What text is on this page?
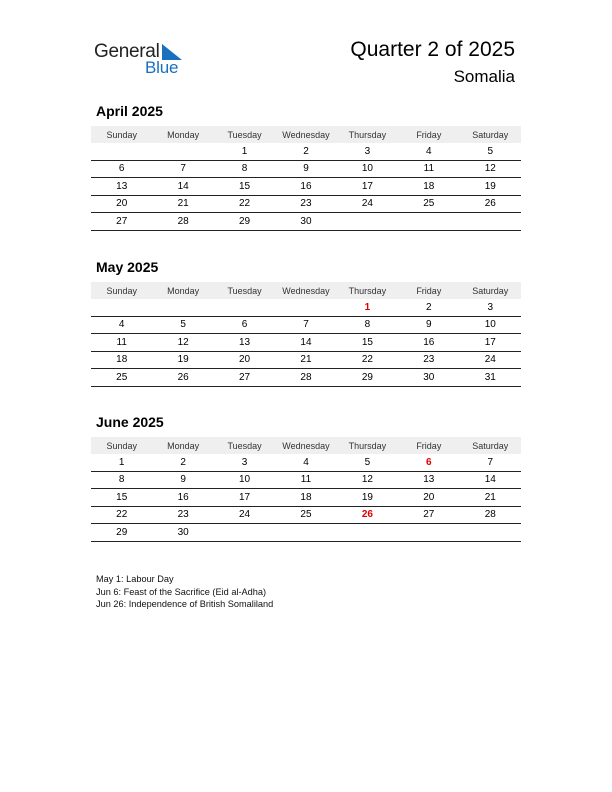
General
Blue
Quarter 2 of 2025
Somalia
April 2025
Sunday	Monday	Tuesday	Wednesday	Thursday	Friday	Saturday
		1	2	3	4	5
6	7	8	9	10	11	12
13	14	15	16	17	18	19
20	21	22	23	24	25	26
27	28	29	30			
May 2025
Sunday	Monday	Tuesday	Wednesday	Thursday	Friday	Saturday
				1	2	3
4	5	6	7	8	9	10
11	12	13	14	15	16	17
18	19	20	21	22	23	24
25	26	27	28	29	30	31
June 2025
Sunday	Monday	Tuesday	Wednesday	Thursday	Friday	Saturday
1	2	3	4	5	6	7
8	9	10	11	12	13	14
15	16	17	18	19	20	21
22	23	24	25	26	27	28
29	30					
May 1: Labour Day
Jun 6: Feast of the Sacrifice (Eid al-Adha)
Jun 26: Independence of British Somaliland
